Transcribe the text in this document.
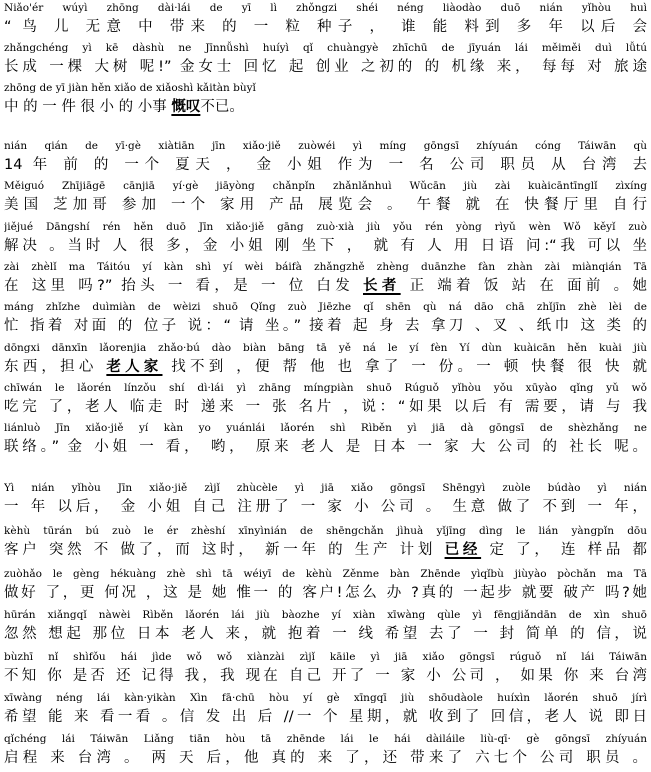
Niǎo'ér wúyì zhōng dài·lái de yī lì zhǒngzi shéi néng liàodào duō nián yǐhòu huì
“ 鸟 儿 无意 中 带来 的 一 粒 种子 ， 谁 能 料到 多 年 以后 会
zhǎngchéng yì kē dàshù ne Jīnnǚshì huíyì qǐ chuàngyè zhīchū de jīyuán lái měiměi duì lǚtú
长成 一棵 大树 呢!” 金女士 回忆 起 创业 之初的 的 机缘 来， 每每 对 旅途
zhōng de yī jiàn hěn xiǎo de xiǎoshì kǎitàn bùyǐ
中 的 一 件 很 小 的 小事 慨叹不已。
nián qián de yī·gè xiàtiān jīn xiǎo·jiě zuòwéi yì míng gōngsī zhíyuán cóng Táiwān qù
14 年 前 的 一个 夏天 ， 金 小姐 作为 一 名 公司 职员 从 台湾 去
Měiguó Zhījiāgē cānjiā yí·gè jiāyòng chǎnpǐn zhǎnlǎnhuì Wǔcān jiù zài kuàicāntīnglǐ zìxíng
美国 芝加哥 参加 一个 家用 产品 展览会 。 午餐 就 在 快餐厅里 自行
jiějué Dāngshí rén hěn duō Jīn xiǎo·jiě gāng zuò·xià jiù yǒu rén yòng rìyǔ wèn Wǒ kěyǐ zuò
解决 。当时 人 很 多，金 小姐 刚 坐下 ， 就 有 人 用 日语 问:“我 可以 坐
zài zhèlǐ ma Táitóu yí kàn shì yí wèi báifà zhǎngzhě zhèng duānzhe fàn zhàn zài miànqián Tā
在 这里 吗?” 抬头 一 看，是 一 位 白发 长者 正 端着 饭 站 在 面前 。她
máng zhǐzhe duìmiàn de wèizi shuō Qǐng zuò Jiēzhe qǐ shēn qù ná dāo chā zhǐjīn zhè lèi de
忙 指着 对面 的 位子 说：“ 请 坐。” 接着 起 身 去 拿刀 、叉 、纸巾 这 类 的
dōngxi dānxīn lǎorenjia zhǎo·bú dào biàn bāng tā yě ná le yí fèn Yí dùn kuàicān hěn kuài jiù
东西，担心 老人家 找不到 ，便 帮 他 也 拿了 一 份。一 顿 快餐 很 快 就
chīwán le lǎorén línzǒu shí dì·lái yì zhāng míngpiàn shuō Rúguǒ yǐhòu yǒu xūyào qǐng yǔ wǒ
吃完 了，老人 临走 时 递来 一 张 名片 ，说：“如果 以后 有 需要，请 与 我
liánluò Jīn xiǎo·jiě yí kàn yo yuánlái lǎorén shì Rìběn yì jiā dà gōngsī de shèzhǎng ne
联络。” 金 小姐 一 看， 哟， 原来 老人 是 日本 一 家 大 公司 的 社长 呢。
Yì nián yǐhòu Jīn xiǎo·jiě zìjǐ zhùcèle yì jiā xiǎo gōngsī Shēngyì zuòle búdào yì nián
一 年 以后， 金 小姐 自己 注册了 一 家 小 公司 。 生意 做了 不到 一 年，
kèhù tūrán bú zuò le ér zhèshí xīnyìnián de shēngchǎn jìhuà yǐjīng dìng le lián yàngpǐn dōu
客户 突然 不 做了，而 这时， 新一年 的 生产 计划 已经 定 了， 连 样品 都
zuòhǎo le gèng hékuàng zhè shì tā wéiyī de kèhù Zěnme bàn Zhēnde yìqǐbù jiùyào pòchǎn ma Tā
做好 了，更 何况 ，这 是 她 惟一 的 客户!怎么 办 ?真的 一起步 就要 破产 吗?她
hūrán xiǎngqǐ nàwèi Rìběn lǎorén lái jiù bàozhe yí xiàn xīwàng qùle yì fēngjiǎndān de xìn shuō
忽然 想起 那位 日本 老人 来，就 抱着 一 线 希望 去了 一 封 简单 的 信，说
bùzhī nǐ shìfǒu hái jìde wǒ wǒ xiànzài zìjǐ kāile yì jiā xiǎo gōngsī rúguǒ nǐ lái Táiwān
不知 你 是否 还 记得 我，我 现在 自己 开了 一 家 小 公司 ， 如果 你 来 台湾
xīwàng néng lái kàn·yikàn Xìn fā·chū hòu yí gè xīngqī jiù shōudàole huíxìn lǎorén shuō jírì
希望 能 来 看一看 。信 发 出 后 //一 个 星期，就 收到了 回信，老人 说 即日
qǐchéng lái Táiwān Liǎng tiān hòu tā zhēnde lái le hái dàiláile liù-qī· gè gōngsī zhíyuán
启程 来 台湾 。 两 天 后，他 真的 来 了，还 带来了 六七个 公司 职员 。
